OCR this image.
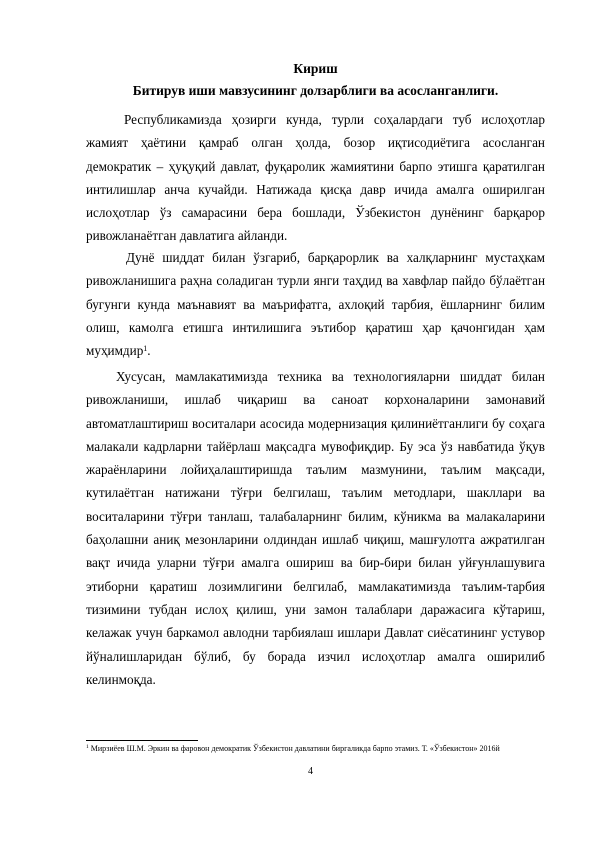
Кириш

Битирув иши мавзусининг долзарблиги ва асосланганлиги.

Республикамизда ҳозирги кунда, турли соҳалардаги туб ислоҳотлар жамият ҳаётини қамраб олган ҳолда, бозор иқтисодиётига асосланган демократик – ҳуқуқий давлат, фуқаролик жамиятини барпо этишга қаратилган интилишлар анча кучайди. Натижада қисқа давр ичида амалга оширилган ислоҳотлар ўз самарасини бера бошлади, Ўзбекистон дунёнинг барқарор ривожланаётган давлатига айланди.

Дунё шиддат билан ўзгариб, барқарорлик ва халқларнинг мустаҳкам ривожланишига раҳна соладиган турли янги таҳдид ва хавфлар пайдо бўлаётган бугунги кунда маънавият ва маърифатга, ахлоқий тарбия, ёшларнинг билим олиш, камолга етишга интилишига эътибор қаратиш ҳар қачонгидан ҳам муҳимдир$^1$.

Хусусан, мамлакатимизда техника ва технологияларни шиддат билан ривожланиши, ишлаб чиқариш ва саноат корхоналарини замонавий автоматлаштириш воситалари асосида модернизация қилиниётганлиги бу соҳага малакали кадрларни тайёрлаш мақсадга мувофиқдир. Бу эса ўз навбатида ўқув жараёнларини лойиҳалаштиришда таълим мазмунини, таълим мақсади, кутилаётган натижани тўғри белгилаш, таълим методлари, шакллари ва воситаларини тўғри танлаш, талабаларнинг билим, кўникма ва малакаларини баҳолашни аниқ мезонларини олдиндан ишлаб чиқиш, машғулотга ажратилган вақт ичида уларни тўғри амалга ошириш ва бир-бири билан уйғунлашувига этиборни қаратиш лозимлигини белгилаб, мамлакатимизда таълим-тарбия тизимини тубдан ислоҳ қилиш, уни замон талаблари даражасига кўтариш, келажак учун баркамол авлодни тарбиялаш ишлари Давлат сиёсатининг устувор йўналишларидан бўлиб, бу борада изчил ислоҳотлар амалга оширилиб келинмоқда.

$^1$ Мирзиёев Ш.М. Эркин ва фаровон демократик Ўзбекистон давлатини биргаликда барпо этамиз. Т. «Ўзбекистон» 2016й

4
